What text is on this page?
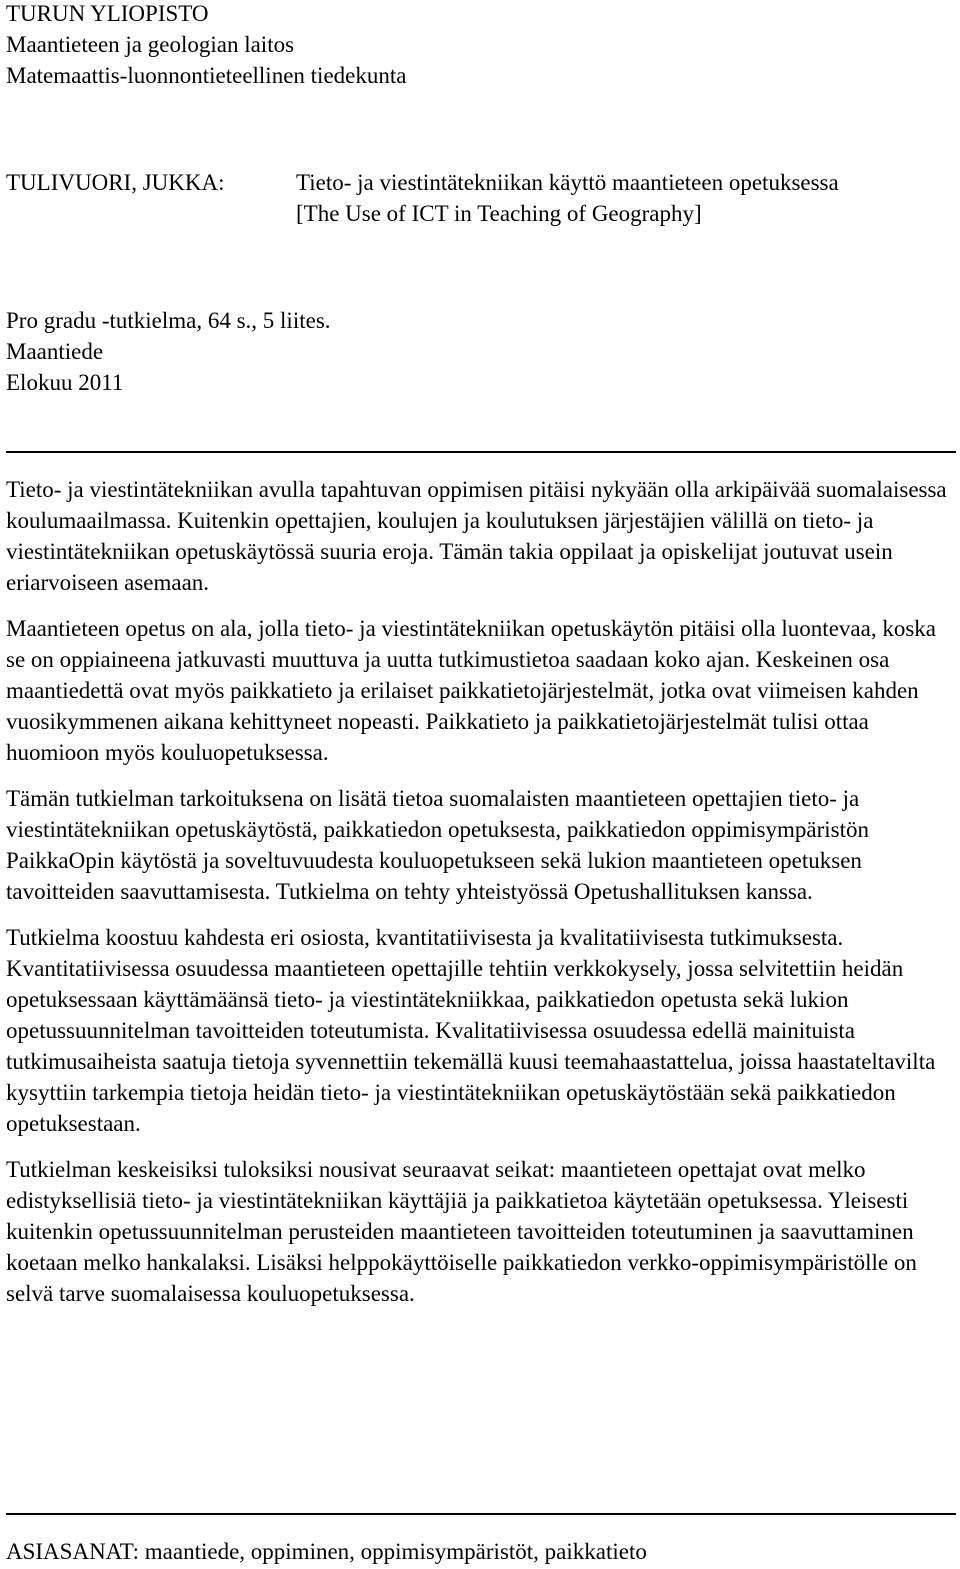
TURUN YLIOPISTO
Maantieteen ja geologian laitos
Matemaattis-luonnontieteellinen tiedekunta
TULIVUORI, JUKKA:	Tieto- ja viestintätekniikan käyttö maantieteen opetuksessa
[The Use of ICT in Teaching of Geography]
Pro gradu -tutkielma, 64 s., 5 liites.
Maantiede
Elokuu 2011

Tieto- ja viestintätekniikan avulla tapahtuvan oppimisen pitäisi nykyään olla arkipäivää suomalaisessa koulumaailmassa. Kuitenkin opettajien, koulujen ja koulutuksen järjestäjien välillä on tieto- ja viestintätekniikan opetuskäytössä suuria eroja. Tämän takia oppilaat ja opiskelijat joutuvat usein eriarvoiseen asemaan.

Maantieteen opetus on ala, jolla tieto- ja viestintätekniikan opetuskäytön pitäisi olla luontevaa, koska se on oppiaineena jatkuvasti muuttuva ja uutta tutkimustietoa saadaan koko ajan. Keskeinen osa maantiedettä ovat myös paikkatieto ja erilaiset paikkatietojärjestelmät, jotka ovat viimeisen kahden vuosikymmenen aikana kehittyneet nopeasti. Paikkatieto ja paikkatietojärjestelmät tulisi ottaa huomioon myös kouluopetuksessa.

Tämän tutkielman tarkoituksena on lisätä tietoa suomalaisten maantieteen opettajien tieto- ja viestintätekniikan opetuskäytöstä, paikkatiedon opetuksesta, paikkatiedon oppimisympäristön PaikkaOpin käytöstä ja soveltuvuudesta kouluopetukseen sekä lukion maantieteen opetuksen tavoitteiden saavuttamisesta. Tutkielma on tehty yhteistyössä Opetushallituksen kanssa.

Tutkielma koostuu kahdesta eri osiosta, kvantitatiivisesta ja kvalitatiivisesta tutkimuksesta. Kvantitatiivisessa osuudessa maantieteen opettajille tehtiin verkkokysely, jossa selvitettiin heidän opetuksessaan käyttämäänsä tieto- ja viestintätekniikkaa, paikkatiedon opetusta sekä lukion opetussuunnitelman tavoitteiden toteutumista. Kvalitatiivisessa osuudessa edellä mainituista tutkimusaiheista saatuja tietoja syvennettiin tekemällä kuusi teemahaastattelua, joissa haastateltavilta kysyttiin tarkempia tietoja heidän tieto- ja viestintätekniikan opetuskäytöstään sekä paikkatiedon opetuksestaan.

Tutkielman keskeisiksi tuloksiksi nousivat seuraavat seikat: maantieteen opettajat ovat melko edistyksellisiä tieto- ja viestintätekniikan käyttäjiä ja paikkatietoa käytetään opetuksessa. Yleisesti kuitenkin opetussuunnitelman perusteiden maantieteen tavoitteiden toteutuminen ja saavuttaminen koetaan melko hankalaksi. Lisäksi helppokäyttöiselle paikkatiedon verkko-oppimisympäristölle on selvä tarve suomalaisessa kouluopetuksessa.

ASIASANAT: maantiede, oppiminen, oppimisympäristöt, paikkatieto
